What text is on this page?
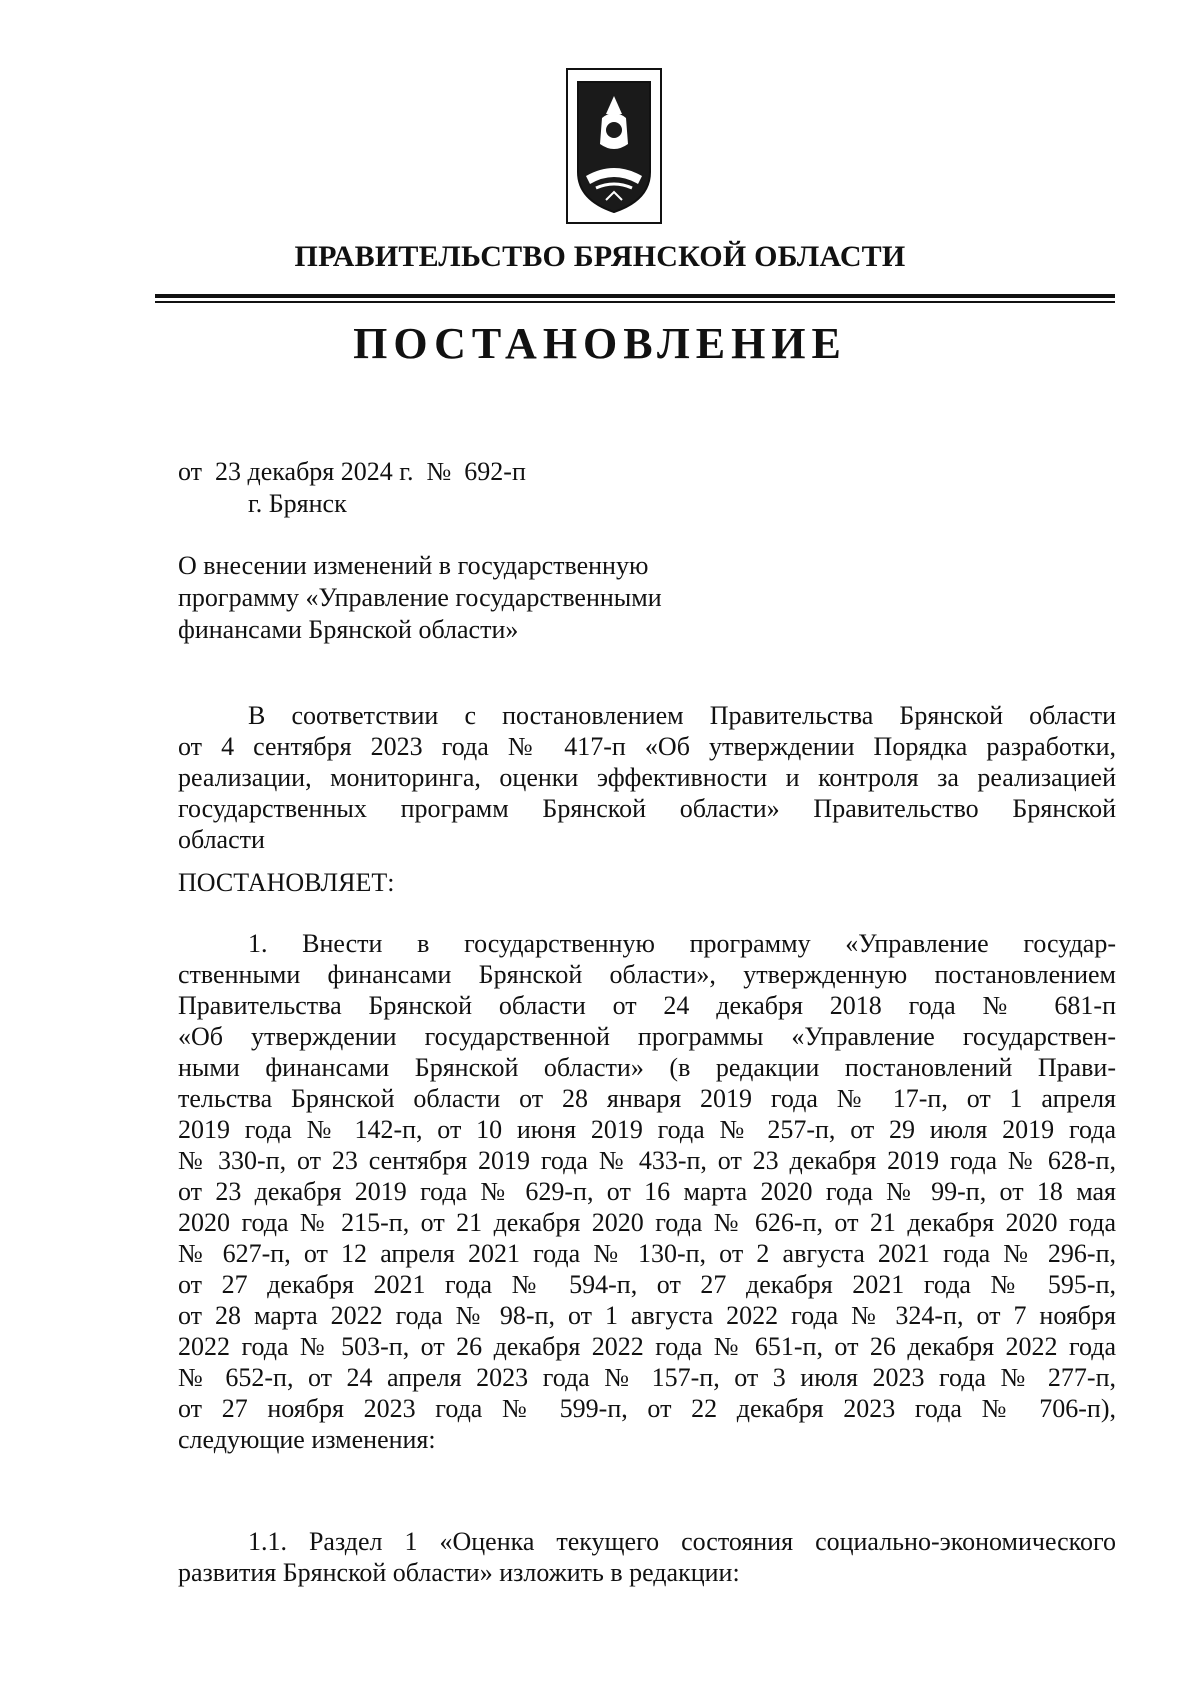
ПРАВИТЕЛЬСТВО БРЯНСКОЙ ОБЛАСТИ
ПОСТАНОВЛЕНИЕ
от  23 декабря 2024 г.  №  692-п
г. Брянск
О внесении изменений в государственную
программу «Управление государственными
финансами Брянской области»
В соответствии с постановлением Правительства Брянской области
от 4 сентября 2023 года № 417-п «Об утверждении Порядка разработки,
реализации, мониторинга, оценки эффективности и контроля за реализацией
государственных программ Брянской области» Правительство Брянской
области
ПОСТАНОВЛЯЕТ:
1. Внести в государственную программу «Управление государ-
ственными финансами Брянской области», утвержденную постановлением
Правительства Брянской области от 24 декабря 2018 года № 681-п
«Об утверждении государственной программы «Управление государствен-
ными финансами Брянской области» (в редакции постановлений Прави-
тельства Брянской области от 28 января 2019 года № 17-п, от 1 апреля
2019 года № 142-п, от 10 июня 2019 года № 257-п, от 29 июля 2019 года
№ 330-п, от 23 сентября 2019 года № 433-п, от 23 декабря 2019 года № 628-п,
от 23 декабря 2019 года № 629-п, от 16 марта 2020 года № 99-п, от 18 мая
2020 года № 215-п, от 21 декабря 2020 года № 626-п, от 21 декабря 2020 года
№ 627-п, от 12 апреля 2021 года № 130-п, от 2 августа 2021 года № 296-п,
от 27 декабря 2021 года № 594-п, от 27 декабря 2021 года № 595-п,
от 28 марта 2022 года № 98-п, от 1 августа 2022 года № 324-п, от 7 ноября
2022 года № 503-п, от 26 декабря 2022 года № 651-п, от 26 декабря 2022 года
№ 652-п, от 24 апреля 2023 года № 157-п, от 3 июля 2023 года № 277-п,
от 27 ноября 2023 года № 599-п, от 22 декабря 2023 года № 706-п),
следующие изменения:
1.1. Раздел 1 «Оценка текущего состояния социально-экономического
развития Брянской области» изложить в редакции:
